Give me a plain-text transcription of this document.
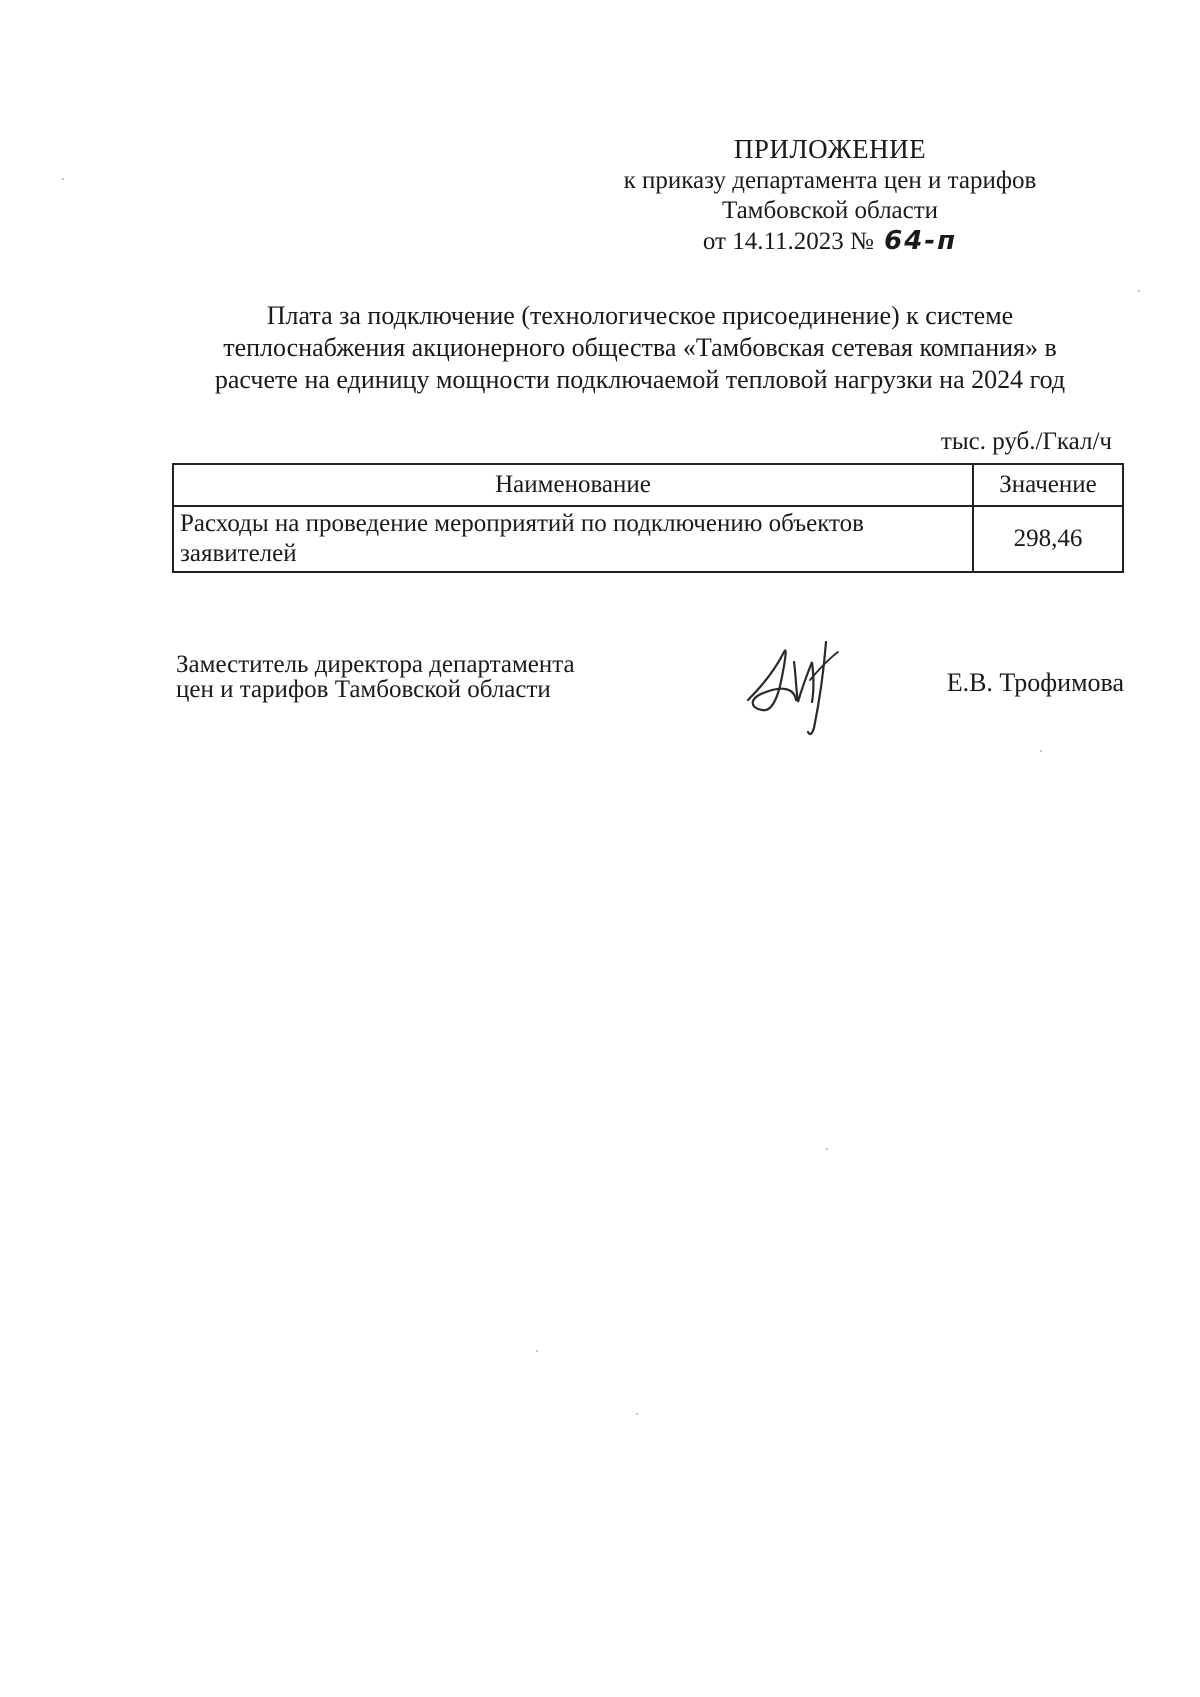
ПРИЛОЖЕНИЕ
к приказу департамента цен и тарифов
Тамбовской области
от 14.11.2023 № 64-п
Плата за подключение (технологическое присоединение) к системе
теплоснабжения акционерного общества «Тамбовская сетевая компания» в
расчете на единицу мощности подключаемой тепловой нагрузки на 2024 год
тыс. руб./Гкал/ч
Наименование	Значение
Расходы на проведение мероприятий по подключению объектов заявителей	298,46
Заместитель директора департамента
цен и тарифов Тамбовской области	Е.В. Трофимова
